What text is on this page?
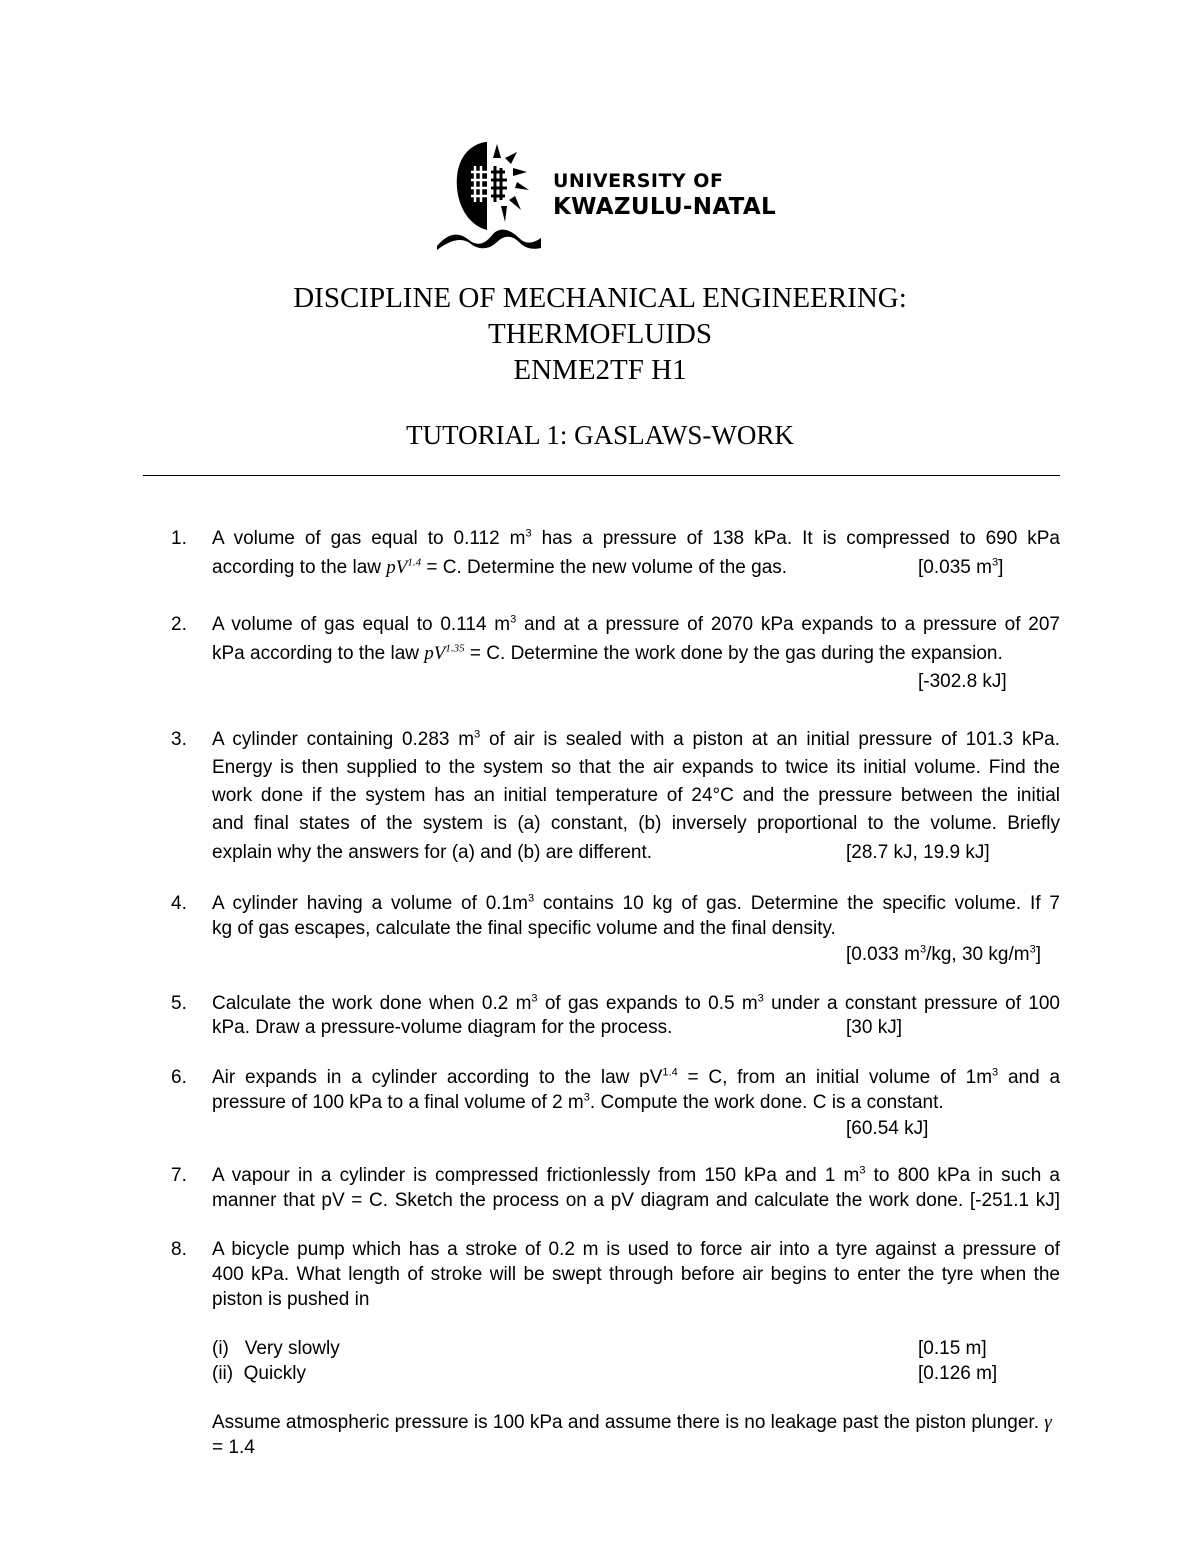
UNIVERSITY OF
KWAZULU-NATAL
DISCIPLINE OF MECHANICAL ENGINEERING:
THERMOFLUIDS
ENME2TF H1
TUTORIAL 1: GASLAWS-WORK
1. A volume of gas equal to 0.112 $m^3$ has a pressure of 138 kPa. It is compressed to 690 kPa
according to the law $pV^{1.4} = C$. Determine the new volume of the gas.	[0.035 $m^3$]
2. A volume of gas equal to 0.114 $m^3$ and at a pressure of 2070 kPa expands to a pressure of 207
kPa according to the law $pV^{1.35} = C$. Determine the work done by the gas during the expansion.
[-302.8 kJ]
3. A cylinder containing 0.283 $m^3$ of air is sealed with a piston at an initial pressure of 101.3 kPa.
Energy is then supplied to the system so that the air expands to twice its initial volume. Find the
work done if the system has an initial temperature of 24°C and the pressure between the initial
and final states of the system is (a) constant, (b) inversely proportional to the volume. Briefly
explain why the answers for (a) and (b) are different.	[28.7 kJ, 19.9 kJ]
4. A cylinder having a volume of $0.1m^3$ contains 10 kg of gas. Determine the specific volume. If 7
kg of gas escapes, calculate the final specific volume and the final density.
[0.033 $m^3/kg$, 30 $kg/m^3$]
5. Calculate the work done when 0.2 $m^3$ of gas expands to 0.5 $m^3$ under a constant pressure of 100
kPa. Draw a pressure-volume diagram for the process.	[30 kJ]
6. Air expands in a cylinder according to the law $pV^{1.4} = C$, from an initial volume of $1m^3$ and a
pressure of 100 kPa to a final volume of 2 $m^3$. Compute the work done. C is a constant.
[60.54 kJ]
7. A vapour in a cylinder is compressed frictionlessly from 150 kPa and 1 $m^3$ to 800 kPa in such a
manner that pV = C. Sketch the process on a pV diagram and calculate the work done. [-251.1 kJ]
8. A bicycle pump which has a stroke of 0.2 m is used to force air into a tyre against a pressure of
400 kPa. What length of stroke will be swept through before air begins to enter the tyre when the
piston is pushed in
(i)   Very slowly	[0.15 m]
(ii)  Quickly	[0.126 m]
Assume atmospheric pressure is 100 kPa and assume there is no leakage past the piston plunger. γ
= 1.4
